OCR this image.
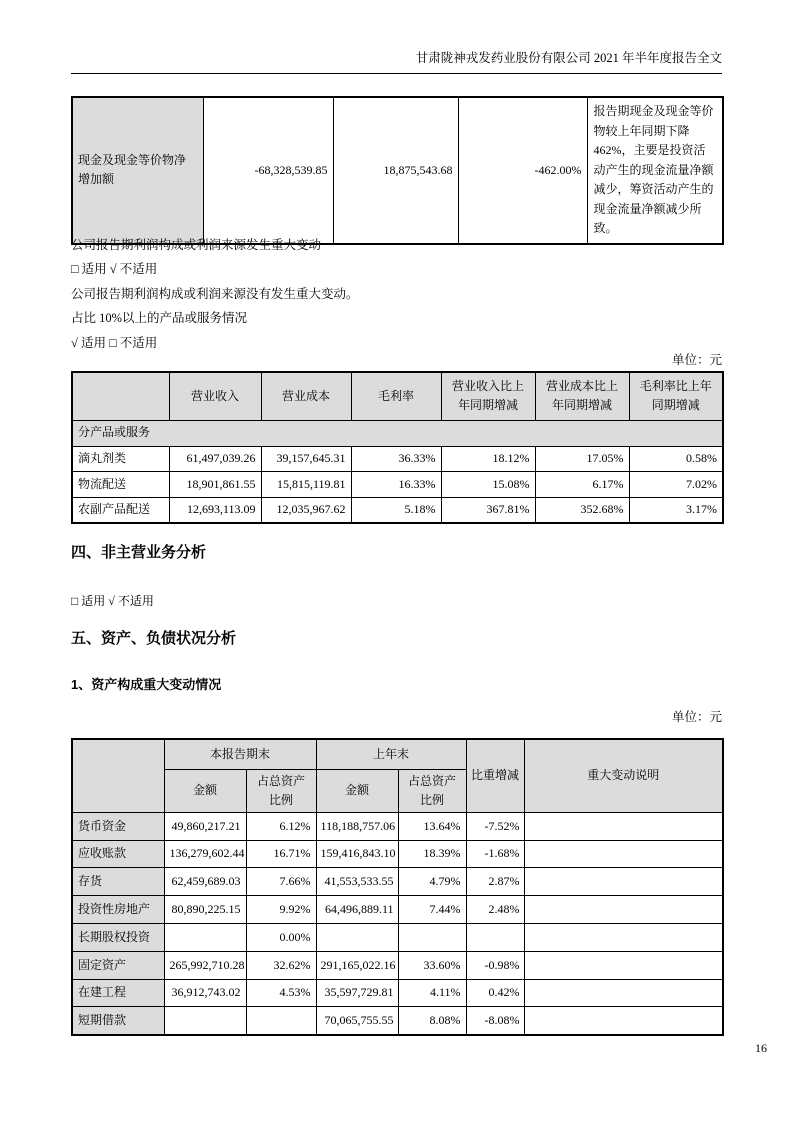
甘肃陇神戎发药业股份有限公司 2021 年半年度报告全文
现金及现金等价物净增加额	-68,328,539.85	18,875,543.68	-462.00%	报告期现金及现金等价物较上年同期下降462%，主要是投资活动产生的现金流量净额减少，筹资活动产生的现金流量净额减少所致。

公司报告期利润构成或利润来源发生重大变动

□ 适用 √ 不适用

公司报告期利润构成或利润来源没有发生重大变动。

占比 10%以上的产品或服务情况

√ 适用 □ 不适用

单位：元
	营业收入	营业成本	毛利率	营业收入比上年同期增减	营业成本比上年同期增减	毛利率比上年同期增减
分产品或服务						
滴丸剂类	61,497,039.26	39,157,645.31	36.33%	18.12%	17.05%	0.58%
物流配送	18,901,861.55	15,815,119.81	16.33%	15.08%	6.17%	7.02%
农副产品配送	12,693,113.09	12,035,967.62	5.18%	367.81%	352.68%	3.17%
四、非主营业务分析
□ 适用 √ 不适用
五、资产、负债状况分析
1、资产构成重大变动情况
单位：元
	本报告期末		上年末		比重增减	重大变动说明
	金额	占总资产比例	金额	占总资产比例		
货币资金	49,860,217.21	6.12%	118,188,757.06	13.64%	-7.52%	
应收账款	136,279,602.44	16.71%	159,416,843.10	18.39%	-1.68%	
存货	62,459,689.03	7.66%	41,553,533.55	4.79%	2.87%	
投资性房地产	80,890,225.15	9.92%	64,496,889.11	7.44%	2.48%	
长期股权投资		0.00%				
固定资产	265,992,710.28	32.62%	291,165,022.16	33.60%	-0.98%	
在建工程	36,912,743.02	4.53%	35,597,729.81	4.11%	0.42%	
短期借款			70,065,755.55	8.08%	-8.08%	
16
